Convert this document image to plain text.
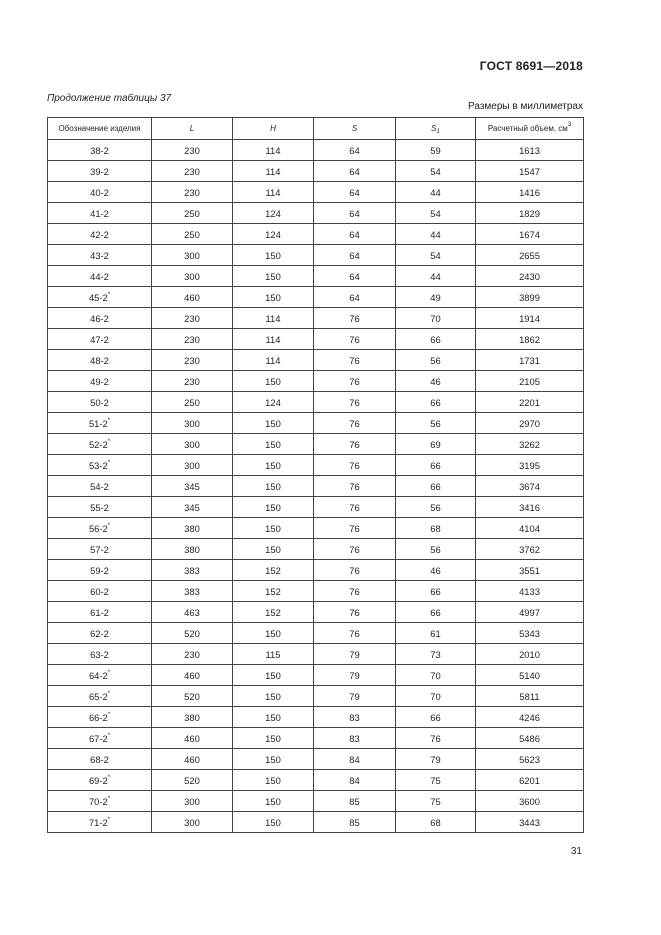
ГОСТ 8691—2018
Продолжение таблицы 37
Размеры в миллиметрах
Обозначение изделия	L	H	S	$S_1$	Расчетный объем, $см^3$
38-2	230	114	64	59	1613
39-2	230	114	64	54	1547
40-2	230	114	64	44	1416
41-2	250	124	64	54	1829
42-2	250	124	64	44	1674
43-2	300	150	64	54	2655
44-2	300	150	64	44	2430
45-2*	460	150	64	49	3899
46-2	230	114	76	70	1914
47-2	230	114	76	66	1862
48-2	230	114	76	56	1731
49-2	230	150	76	46	2105
50-2	250	124	76	66	2201
51-2*	300	150	76	56	2970
52-2*	300	150	76	69	3262
53-2*	300	150	76	66	3195
54-2	345	150	76	66	3674
55-2	345	150	76	56	3416
56-2*	380	150	76	68	4104
57-2	380	150	76	56	3762
59-2	383	152	76	46	3551
60-2	383	152	76	66	4133
61-2	463	152	76	66	4997
62-2	520	150	76	61	5343
63-2	230	115	79	73	2010
64-2*	460	150	79	70	5140
65-2*	520	150	79	70	5811
66-2*	380	150	83	66	4246
67-2*	460	150	83	76	5486
68-2	460	150	84	79	5623
69-2*	520	150	84	75	6201
70-2*	300	150	85	75	3600
71-2*	300	150	85	68	3443
31
